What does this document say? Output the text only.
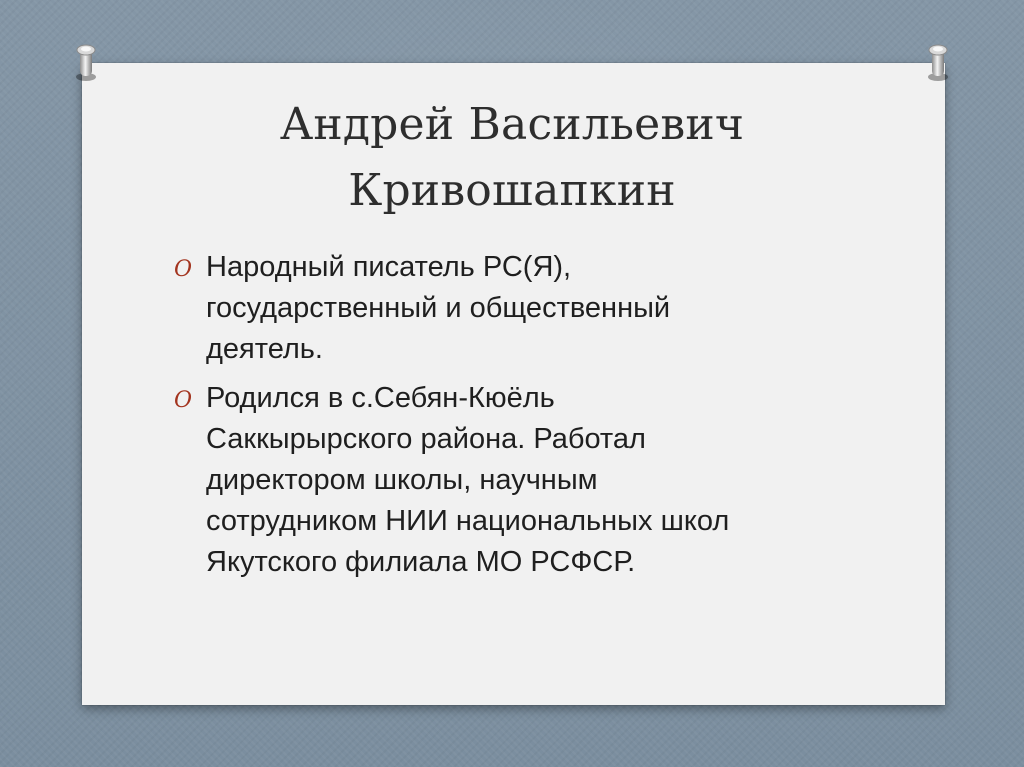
Андрей Васильевич
Кривошапкин
O Народный писатель РС(Я),
государственный и общественный
деятель.
O Родился в с.Себян-Кюёль
Саккырырского района. Работал
директором школы, научным
сотрудником НИИ национальных школ
Якутского филиала МО РСФСР.
